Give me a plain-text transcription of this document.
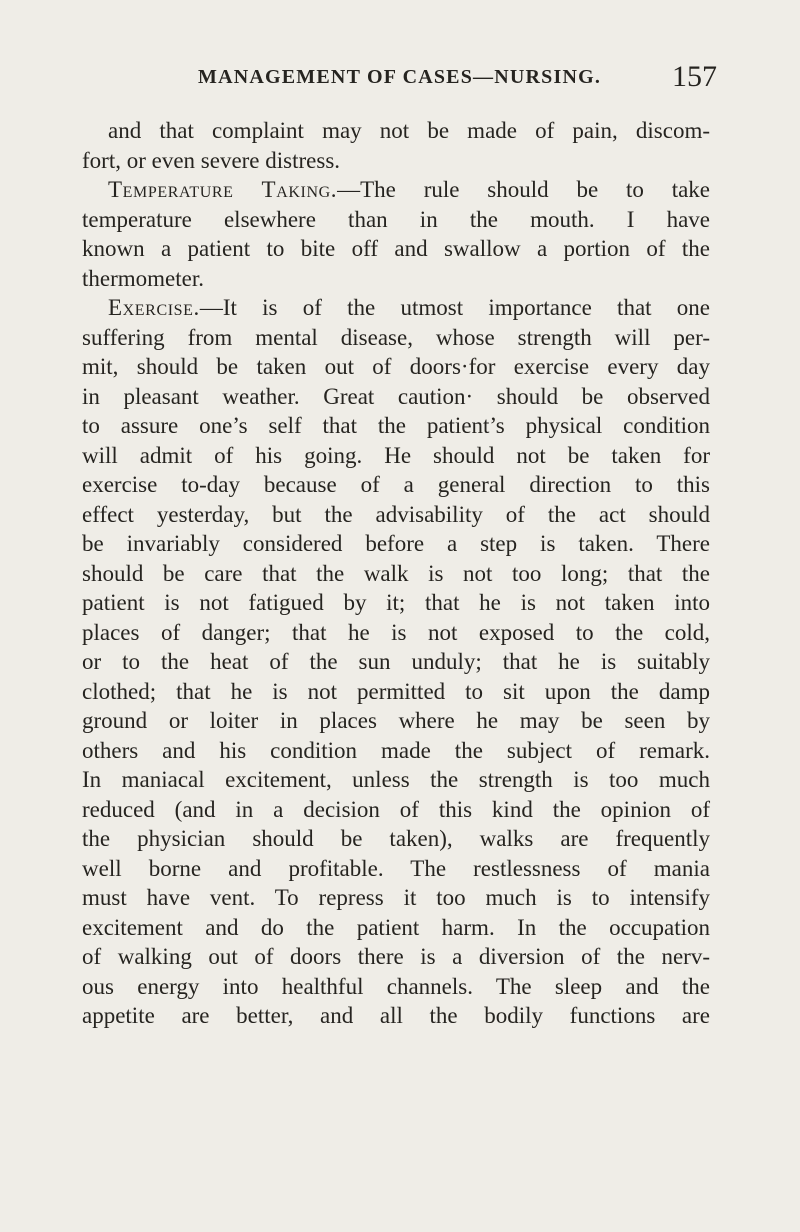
MANAGEMENT OF CASES—NURSING. 157
and that complaint may not be made of pain, discom-
fort, or even severe distress.
Temperature Taking.—The rule should be to take
temperature elsewhere than in the mouth. I have
known a patient to bite off and swallow a portion of the
thermometer.
Exercise.—It is of the utmost importance that one
suffering from mental disease, whose strength will per-
mit, should be taken out of doors·for exercise every day
in pleasant weather. Great caution· should be observed
to assure one’s self that the patient’s physical condition
will admit of his going. He should not be taken for
exercise to-day because of a general direction to this
effect yesterday, but the advisability of the act should
be invariably considered before a step is taken. There
should be care that the walk is not too long; that the
patient is not fatigued by it; that he is not taken into
places of danger; that he is not exposed to the cold,
or to the heat of the sun unduly; that he is suitably
clothed; that he is not permitted to sit upon the damp
ground or loiter in places where he may be seen by
others and his condition made the subject of remark.
In maniacal excitement, unless the strength is too much
reduced (and in a decision of this kind the opinion of
the physician should be taken), walks are frequently
well borne and profitable. The restlessness of mania
must have vent. To repress it too much is to intensify
excitement and do the patient harm. In the occupation
of walking out of doors there is a diversion of the nerv-
ous energy into healthful channels. The sleep and the
appetite are better, and all the bodily functions are
